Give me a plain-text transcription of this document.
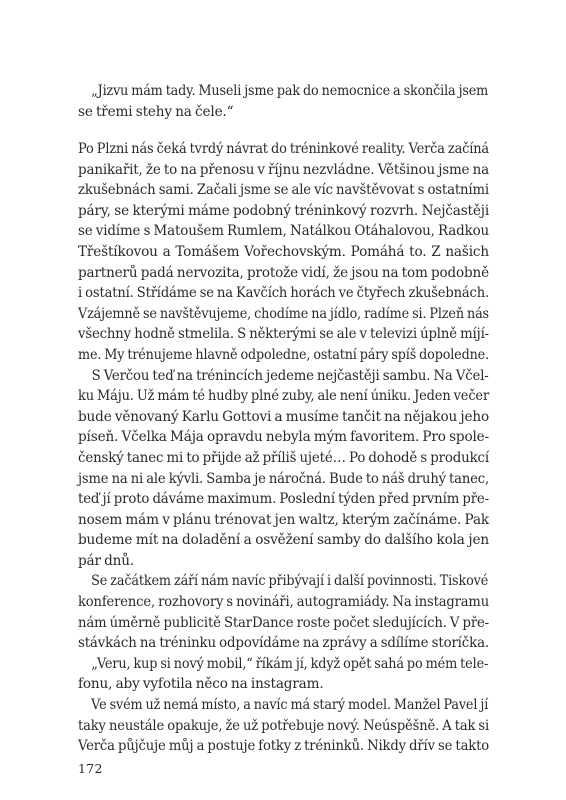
„Jizvu mám tady. Museli jsme pak do nemocnice a skončila jsem
se třemi stehy na čele.“
Po Plzni nás čeká tvrdý návrat do tréninkové reality. Verča začíná
panikařit, že to na přenosu v říjnu nezvládne. Většinou jsme na
zkušebnách sami. Začali jsme se ale víc navštěvovat s ostatními
páry, se kterými máme podobný tréninkový rozvrh. Nejčastěji
se vidíme s Matoušem Rumlem, Natálkou Otáhalovou, Radkou
Třeštíkovou a Tomášem Vořechovským. Pomáhá to. Z našich
partnerů padá nervozita, protože vidí, že jsou na tom podobně
i ostatní. Střídáme se na Kavčích horách ve čtyřech zkušebnách.
Vzájemně se navštěvujeme, chodíme na jídlo, radíme si. Plzeň nás
všechny hodně stmelila. S některými se ale v televizi úplně míjí-
me. My trénujeme hlavně odpoledne, ostatní páry spíš dopoledne.
S Verčou teď na trénincích jedeme nejčastěji sambu. Na Včel-
ku Máju. Už mám té hudby plné zuby, ale není úniku. Jeden večer
bude věnovaný Karlu Gottovi a musíme tančit na nějakou jeho
píseň. Včelka Mája opravdu nebyla mým favoritem. Pro spole-
čenský tanec mi to přijde až příliš ujeté… Po dohodě s produkcí
jsme na ni ale kývli. Samba je náročná. Bude to náš druhý tanec,
teď jí proto dáváme maximum. Poslední týden před prvním pře-
nosem mám v plánu trénovat jen waltz, kterým začínáme. Pak
budeme mít na doladění a osvěžení samby do dalšího kola jen
pár dnů.
Se začátkem září nám navíc přibývají i další povinnosti. Tiskové
konference, rozhovory s novináři, autogramiády. Na instagramu
nám úměrně publicitě StarDance roste počet sledujících. V pře-
stávkách na tréninku odpovídáme na zprávy a sdílíme storíčka.
„Veru, kup si nový mobil,“ říkám jí, když opět sahá po mém tele-
fonu, aby vyfotila něco na instagram.
Ve svém už nemá místo, a navíc má starý model. Manžel Pavel jí
taky neustále opakuje, že už potřebuje nový. Neúspěšně. A tak si
Verča půjčuje můj a postuje fotky z tréninků. Nikdy dřív se takto
172
